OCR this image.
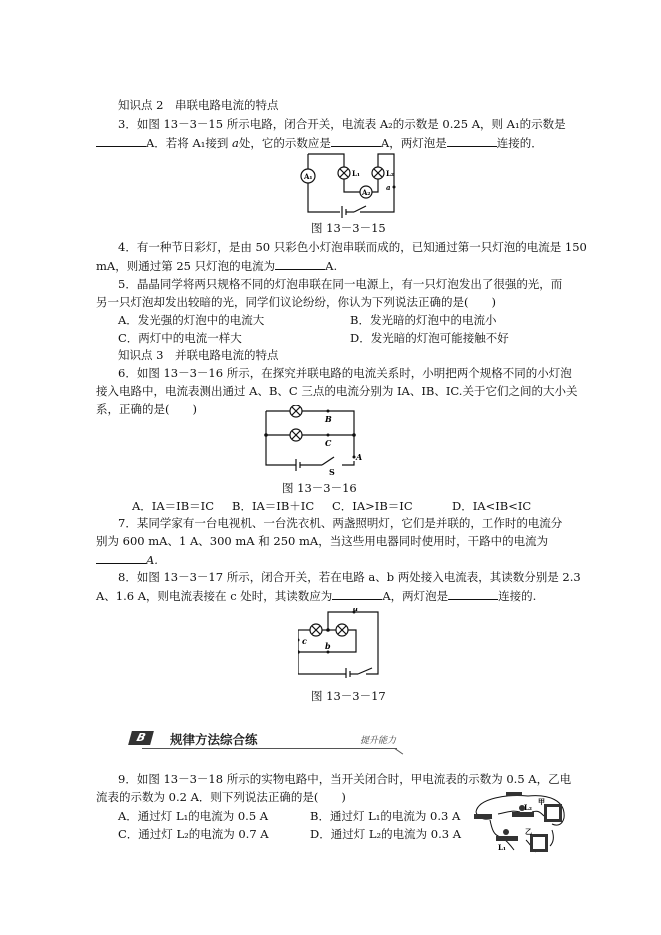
知识点 2　串联电路电流的特点
3．如图 13－3－15 所示电路，闭合开关，电流表 A₂的示数是 0.25 A，则 A₁的示数是
A．若将 A₁接到 a处，它的示数应是	A，两灯泡是	连接的．
A₁
A₂
L₁	L₂
a
图 13－3－15
4．有一种节日彩灯，是由 50 只彩色小灯泡串联而成的，已知通过第一只灯泡的电流是 150
mA，则通过第 25 只灯泡的电流为	A.
5．晶晶同学将两只规格不同的灯泡串联在同一电源上，有一只灯泡发出了很强的光，而
另一只灯泡却发出较暗的光，同学们议论纷纷，你认为下列说法正确的是(　　)
A．发光强的灯泡中的电流大	B．发光暗的灯泡中的电流小
C．两灯中的电流一样大	D．发光暗的灯泡可能接触不好
知识点 3　并联电路电流的特点
6．如图 13－3－16 所示，在探究并联电路的电流关系时，小明把两个规格不同的小灯泡
接入电路中，电流表测出通过 A、B、C 三点的电流分别为 IA、IB、IC.关于它们之间的大小关
系，正确的是(　　)
B
C
A
S
图 13－3－16
A．IA＝IB＝IC B．IA＝IB＋IC C．IA>IB＝IC	D．IA<IB<IC
7．某同学家有一台电视机、一台洗衣机、两盏照明灯，它们是并联的，工作时的电流分
别为 600 mA、1 A、300 mA 和 250 mA，当这些用电器同时使用时，干路中的电流为
A.
8．如图 13－3－17 所示，闭合开关，若在电路 a、b 两处接入电流表，其读数分别是 2.3
A、1.6 A，则电流表接在 c 处时，其读数应为	A，两灯泡是	连接的.
a
c b
图 13－3－17
B	规律方法综合练	提升能力
9．如图 13－3－18 所示的实物电路中，当开关闭合时，甲电流表的示数为 0.5 A，乙电
流表的示数为 0.2 A．则下列说法正确的是(　　)
A．通过灯 L₁的电流为 0.5 A	B．通过灯 L₁的电流为 0.3 A
C．通过灯 L₂的电流为 0.7 A	D．通过灯 L₂的电流为 0.3 A
甲
乙
L₂
L₁
